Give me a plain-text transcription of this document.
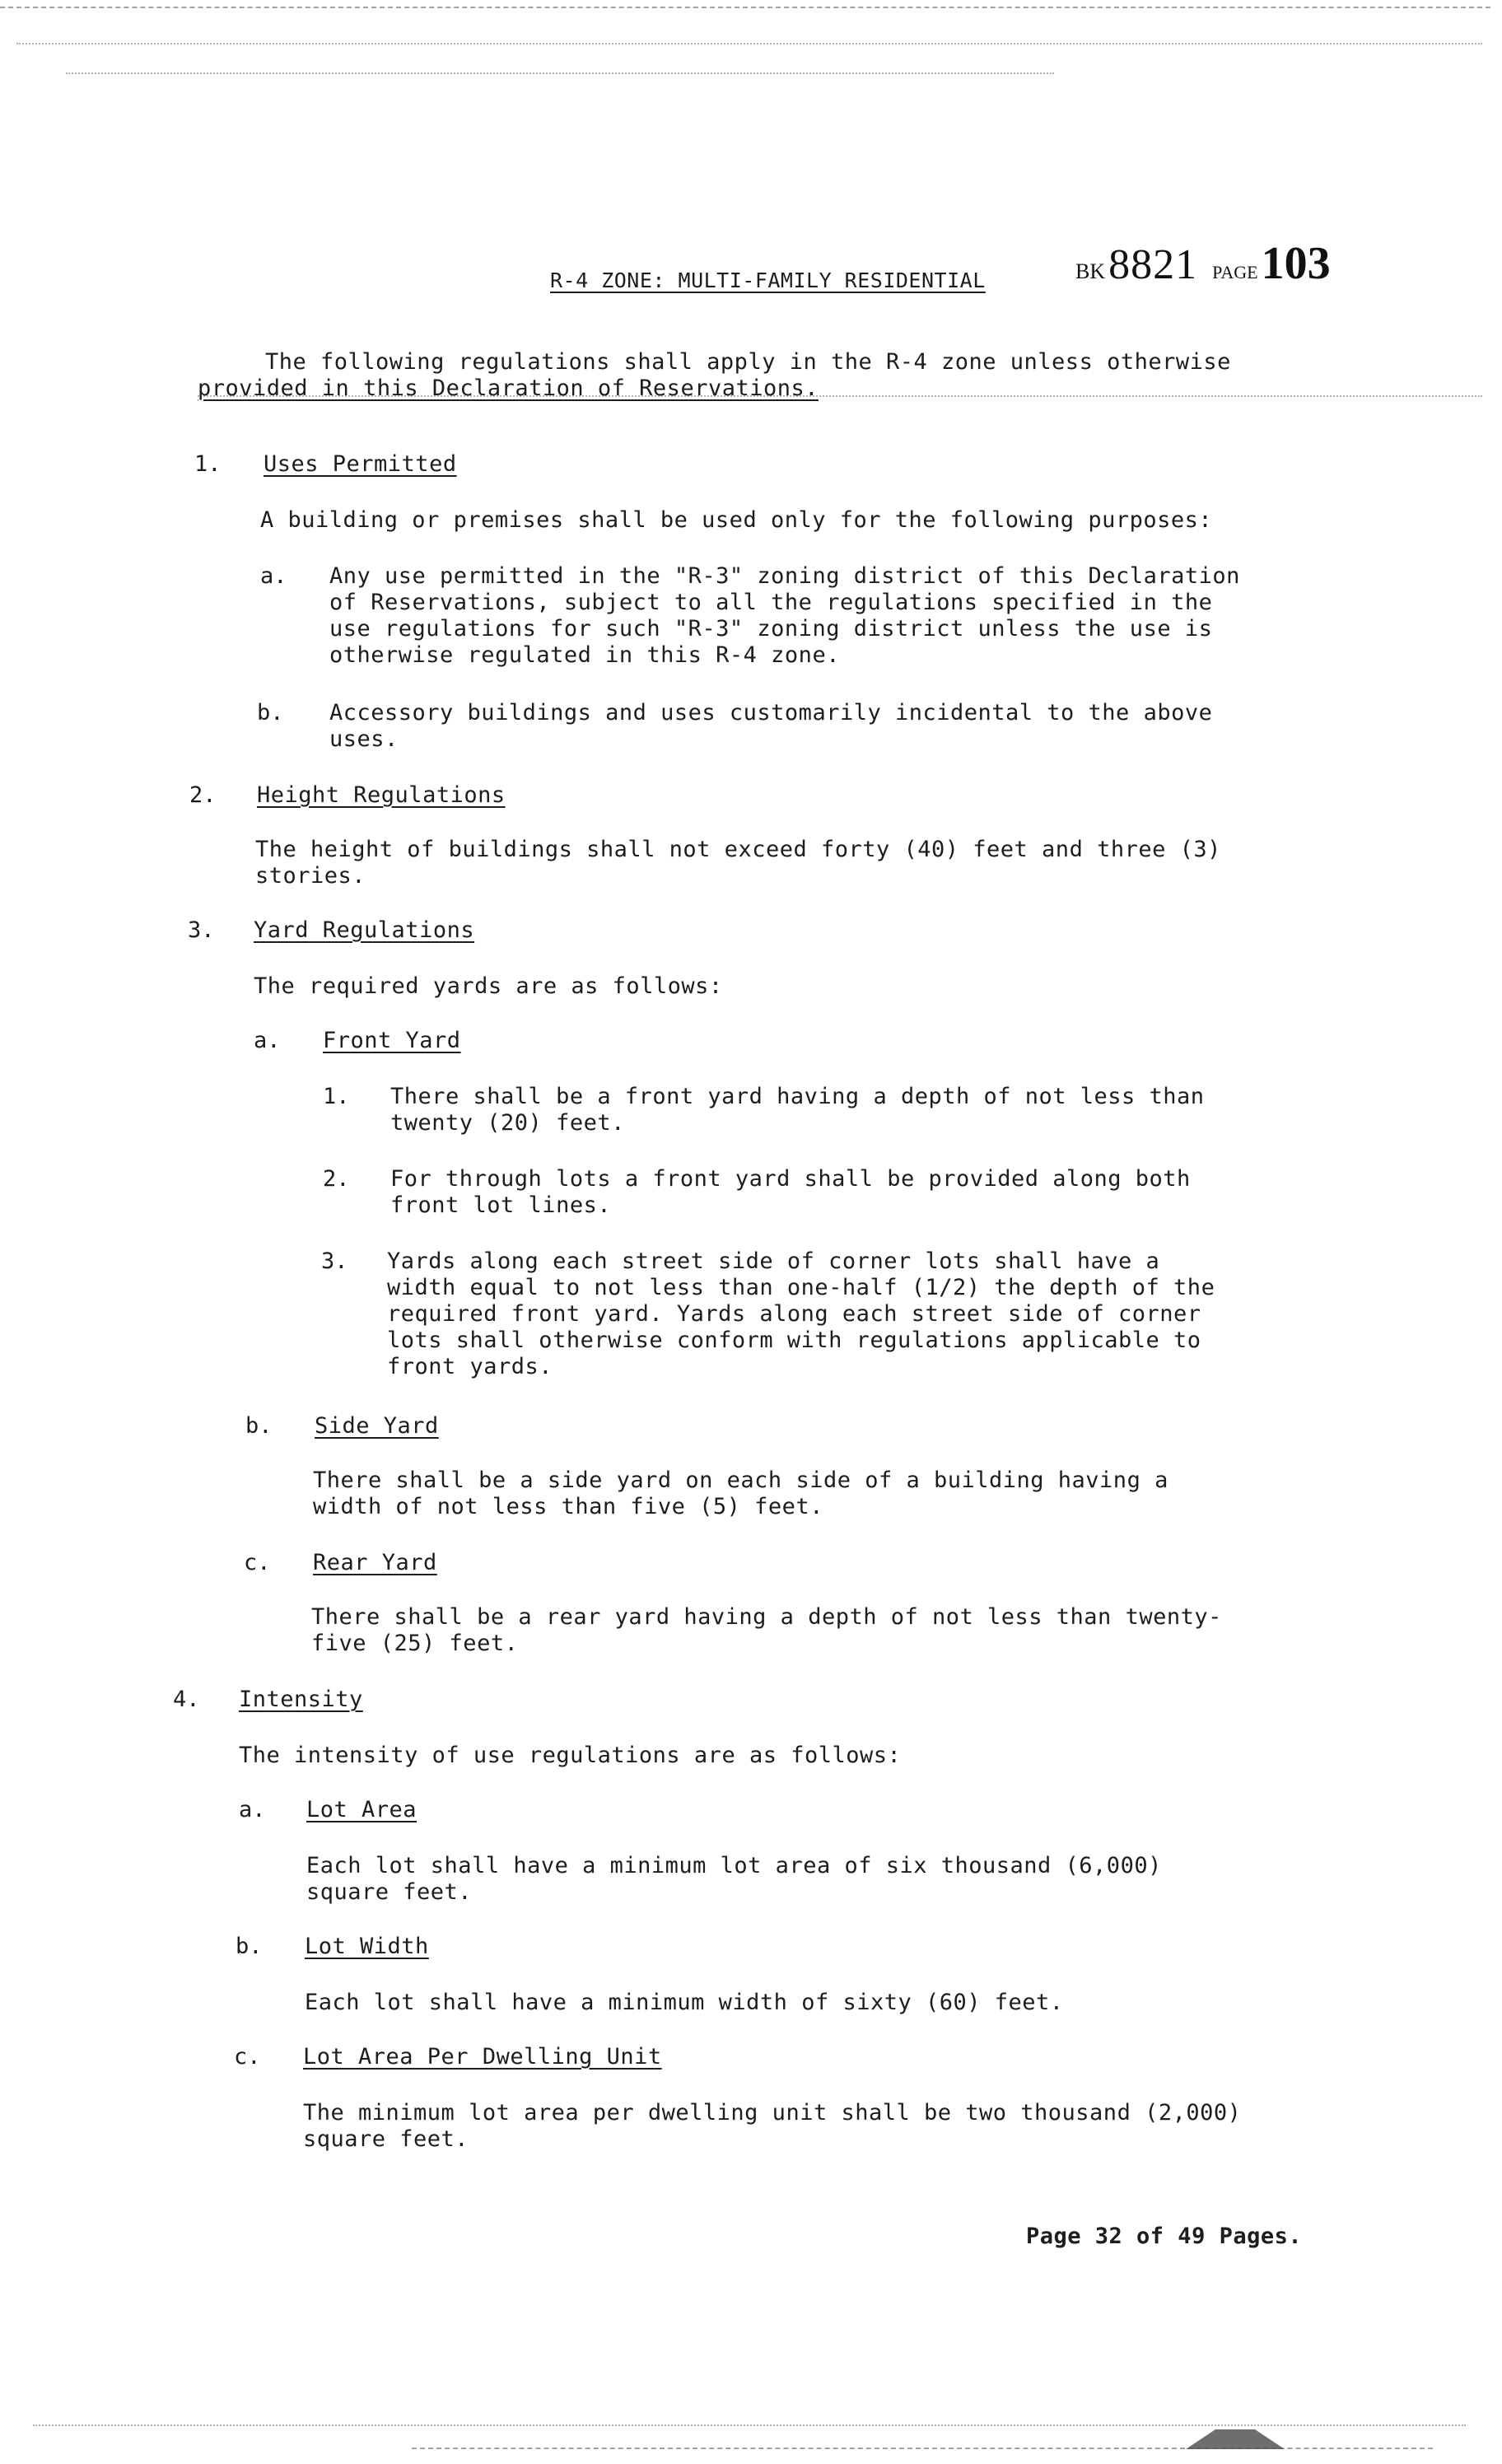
R-4 ZONE: MULTI-FAMILY RESIDENTIAL	BK 8821 PAGE 103
The following regulations shall apply in the R-4 zone unless otherwise
provided in this Declaration of Reservations.
1. Uses Permitted
A building or premises shall be used only for the following purposes:
a. Any use permitted in the "R-3" zoning district of this Declaration
of Reservations, subject to all the regulations specified in the
use regulations for such "R-3" zoning district unless the use is
otherwise regulated in this R-4 zone.
b. Accessory buildings and uses customarily incidental to the above
uses.
2. Height Regulations
The height of buildings shall not exceed forty (40) feet and three (3)
stories.
3. Yard Regulations
The required yards are as follows:
a. Front Yard
1. There shall be a front yard having a depth of not less than
twenty (20) feet.
2. For through lots a front yard shall be provided along both
front lot lines.
3. Yards along each street side of corner lots shall have a
width equal to not less than one-half (1/2) the depth of the
required front yard. Yards along each street side of corner
lots shall otherwise conform with regulations applicable to
front yards.
b. Side Yard
There shall be a side yard on each side of a building having a
width of not less than five (5) feet.
c. Rear Yard
There shall be a rear yard having a depth of not less than twenty-
five (25) feet.
4. Intensity
The intensity of use regulations are as follows:
a. Lot Area
Each lot shall have a minimum lot area of six thousand (6,000)
square feet.
b. Lot Width
Each lot shall have a minimum width of sixty (60) feet.
c. Lot Area Per Dwelling Unit
The minimum lot area per dwelling unit shall be two thousand (2,000)
square feet.
Page 32 of 49 Pages.
